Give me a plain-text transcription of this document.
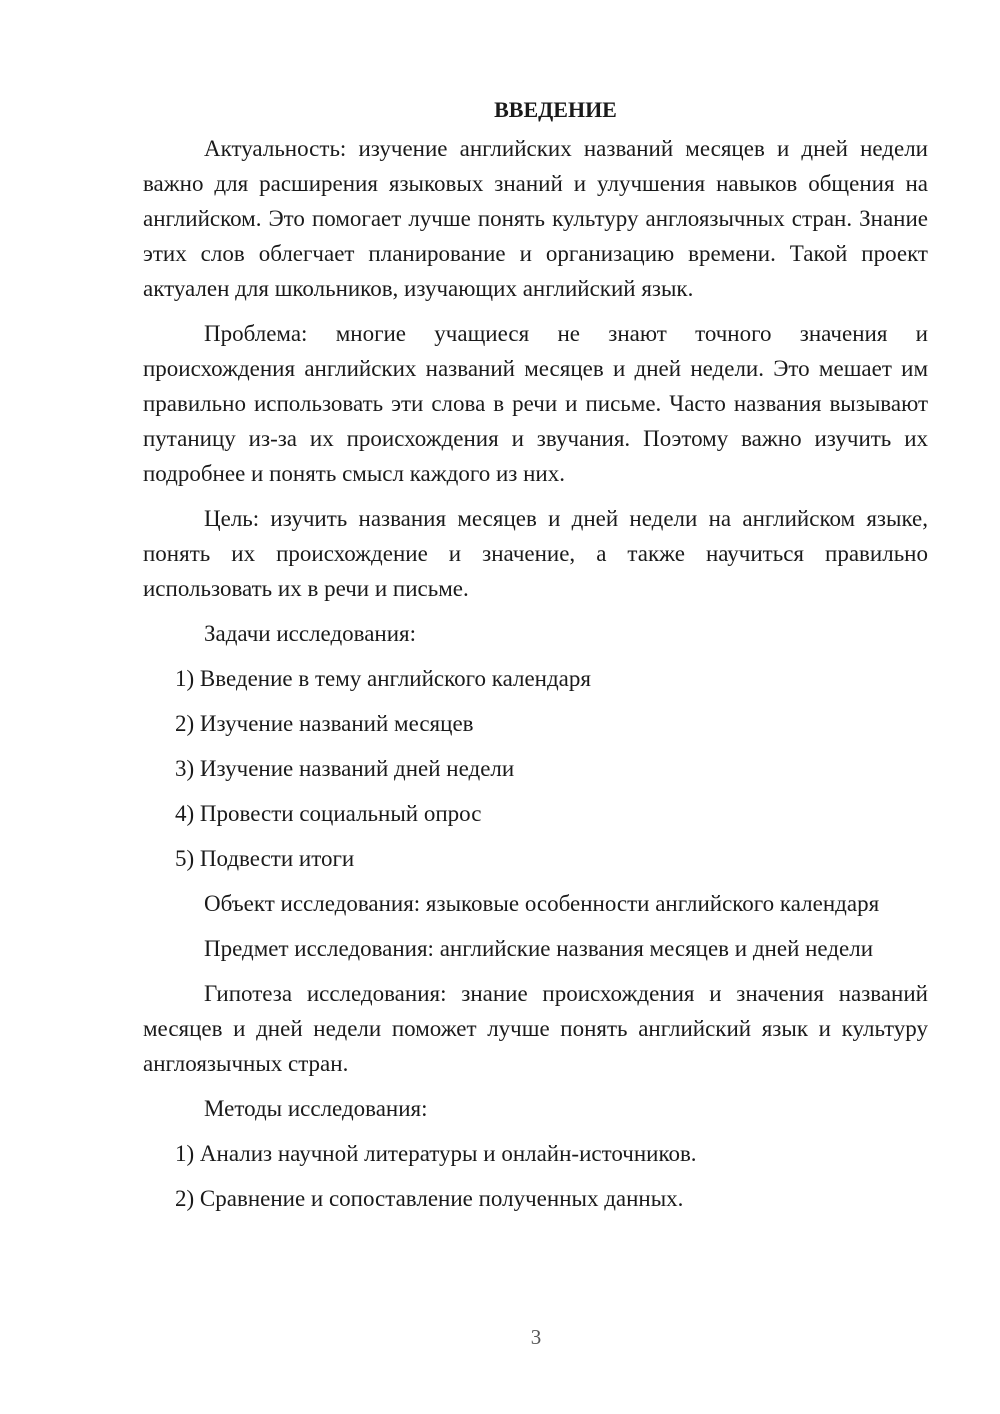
ВВЕДЕНИЕ

Актуальность: изучение английских названий месяцев и дней недели важно для расширения языковых знаний и улучшения навыков общения на английском. Это помогает лучше понять культуру англоязычных стран. Знание этих слов облегчает планирование и организацию времени. Такой проект актуален для школьников, изучающих английский язык.

Проблема: многие учащиеся не знают точного значения и происхождения английских названий месяцев и дней недели. Это мешает им правильно использовать эти слова в речи и письме. Часто названия вызывают путаницу из-за их происхождения и звучания. Поэтому важно изучить их подробнее и понять смысл каждого из них.

Цель: изучить названия месяцев и дней недели на английском языке, понять их происхождение и значение, а также научиться правильно использовать их в речи и письме.

Задачи исследования:
1) Введение в тему английского календаря
2) Изучение названий месяцев
3) Изучение названий дней недели
4) Провести социальный опрос
5) Подвести итоги

Объект исследования: языковые особенности английского календаря

Предмет исследования: английские названия месяцев и дней недели

Гипотеза исследования: знание происхождения и значения названий месяцев и дней недели поможет лучше понять английский язык и культуру англоязычных стран.

Методы исследования:
1) Анализ научной литературы и онлайн-источников.
2) Сравнение и сопоставление полученных данных.
3
